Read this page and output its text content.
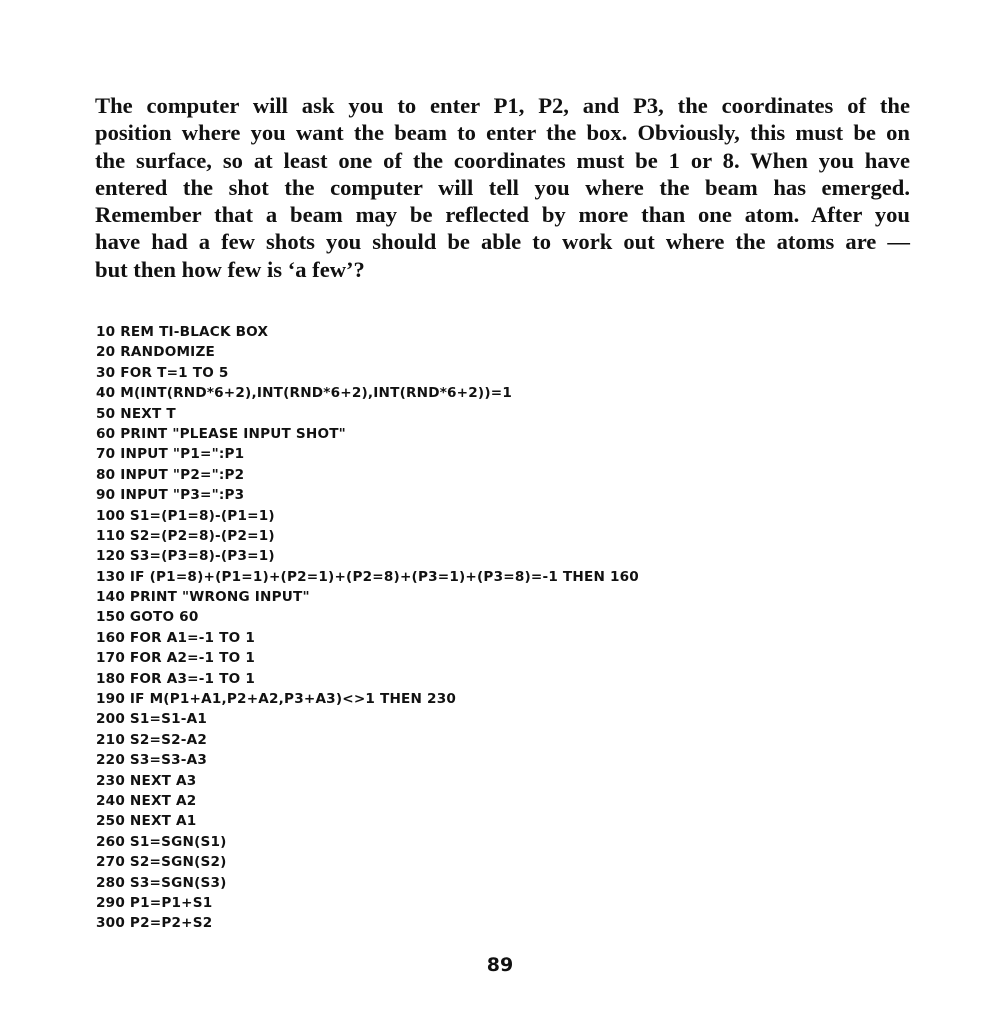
The computer will ask you to enter P1, P2, and P3, the coordinates of the
position where you want the beam to enter the box. Obviously, this must be on
the surface, so at least one of the coordinates must be 1 or 8. When you have
entered the shot the computer will tell you where the beam has emerged.
Remember that a beam may be reflected by more than one atom. After you
have had a few shots you should be able to work out where the atoms are —
but then how few is ‘a few’?
10 REM TI-BLACK BOX
20 RANDOMIZE
30 FOR T=1 TO 5
40 M(INT(RND*6+2),INT(RND*6+2),INT(RND*6+2))=1
50 NEXT T
60 PRINT "PLEASE INPUT SHOT"
70 INPUT "P1=":P1
80 INPUT "P2=":P2
90 INPUT "P3=":P3
100 S1=(P1=8)-(P1=1)
110 S2=(P2=8)-(P2=1)
120 S3=(P3=8)-(P3=1)
130 IF (P1=8)+(P1=1)+(P2=1)+(P2=8)+(P3=1)+(P3=8)=-1 THEN 160
140 PRINT "WRONG INPUT"
150 GOTO 60
160 FOR A1=-1 TO 1
170 FOR A2=-1 TO 1
180 FOR A3=-1 TO 1
190 IF M(P1+A1,P2+A2,P3+A3)<>1 THEN 230
200 S1=S1-A1
210 S2=S2-A2
220 S3=S3-A3
230 NEXT A3
240 NEXT A2
250 NEXT A1
260 S1=SGN(S1)
270 S2=SGN(S2)
280 S3=SGN(S3)
290 P1=P1+S1
300 P2=P2+S2
89
